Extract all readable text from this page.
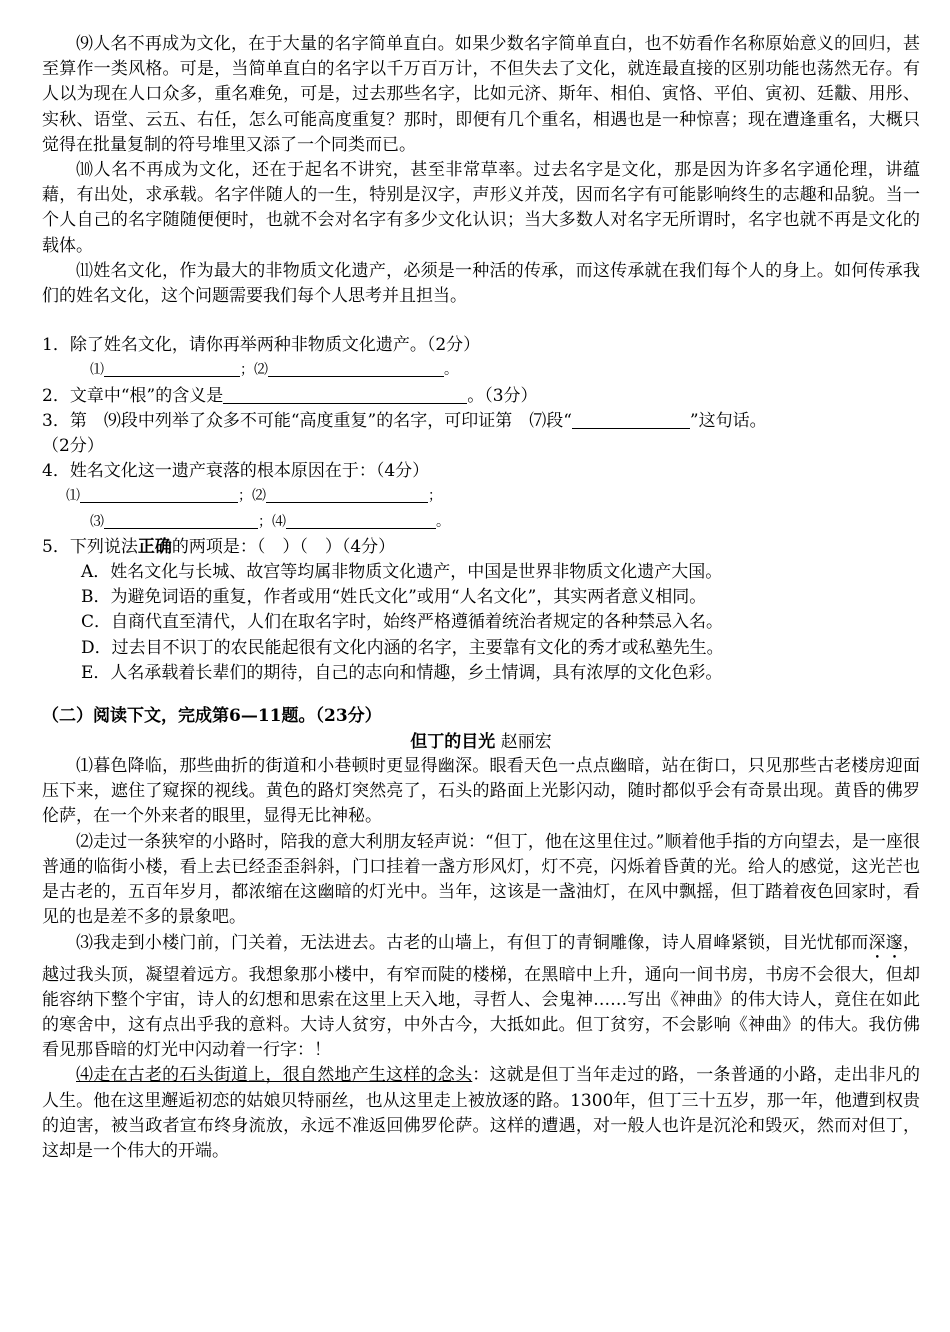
⑼人名不再成为文化，在于大量的名字简单直白。如果少数名字简单直白，也不妨看作名称原始意义的回归，甚至算作一类风格。可是，当简单直白的名字以千万百万计，不但失去了文化，就连最直接的区别功能也荡然无存。有人以为现在人口众多，重名难免，可是，过去那些名字，比如元济、斯年、相伯、寅恪、平伯、寅初、廷黻、用彤、实秋、语堂、云五、右任，怎么可能高度重复？那时，即便有几个重名，相遇也是一种惊喜；现在遭逢重名，大概只觉得在批量复制的符号堆里又添了一个同类而已。

⑽人名不再成为文化，还在于起名不讲究，甚至非常草率。过去名字是文化，那是因为许多名字通伦理，讲蕴藉，有出处，求承载。名字伴随人的一生，特别是汉字，声形义并茂，因而名字有可能影响终生的志趣和品貌。当一个人自己的名字随随便便时，也就不会对名字有多少文化认识；当大多数人对名字无所谓时，名字也就不再是文化的载体。

⑾姓名文化，作为最大的非物质文化遗产，必须是一种活的传承，而这传承就在我们每个人的身上。如何传承我们的姓名文化，这个问题需要我们每个人思考并且担当。

1．除了姓名文化，请你再举两种非物质文化遗产。（2分）

⑴	；⑵	。

2．文章中“根”的含义是	。（3分）

3．第　⑼段中列举了众多不可能“高度重复”的名字，可印证第　⑺段“	”这句话。

（2分）

4．姓名文化这一遗产衰落的根本原因在于：（4分）

⑴	；⑵	；

⑶	；⑷	。

5．下列说法正确的两项是：（　）（　）（4分）

A．姓名文化与长城、故宫等均属非物质文化遗产，中国是世界非物质文化遗产大国。

B．为避免词语的重复，作者或用“姓氏文化”或用“人名文化”，其实两者意义相同。

C．自商代直至清代，人们在取名字时，始终严格遵循着统治者规定的各种禁忌入名。

D．过去目不识丁的农民能起很有文化内涵的名字，主要靠有文化的秀才或私塾先生。

E．人名承载着长辈们的期待，自己的志向和情趣，乡土情调，具有浓厚的文化色彩。

（二）阅读下文，完成第6—11题。（23分）

但丁的目光 赵丽宏

⑴暮色降临，那些曲折的街道和小巷顿时更显得幽深。眼看天色一点点幽暗，站在街口，只见那些古老楼房迎面压下来，遮住了窥探的视线。黄色的路灯突然亮了，石头的路面上光影闪动，随时都似乎会有奇景出现。黄昏的佛罗伦萨，在一个外来者的眼里，显得无比神秘。

⑵走过一条狭窄的小路时，陪我的意大利朋友轻声说：“但丁，他在这里住过。”顺着他手指的方向望去，是一座很普通的临街小楼，看上去已经歪歪斜斜，门口挂着一盏方形风灯，灯不亮，闪烁着昏黄的光。给人的感觉，这光芒也是古老的，五百年岁月，都浓缩在这幽暗的灯光中。当年，这该是一盏油灯，在风中飘摇，但丁踏着夜色回家时，看见的也是差不多的景象吧。

⑶我走到小楼门前，门关着，无法进去。古老的山墙上，有但丁的青铜雕像，诗人眉峰紧锁，目光忧郁而深邃，越过我头顶，凝望着远方。我想象那小楼中，有窄而陡的楼梯，在黑暗中上升，通向一间书房，书房不会很大，但却能容纳下整个宇宙，诗人的幻想和思索在这里上天入地，寻哲人、会鬼神……写出《神曲》的伟大诗人，竟住在如此的寒舍中，这有点出乎我的意料。大诗人贫穷，中外古今，大抵如此。但丁贫穷，不会影响《神曲》的伟大。我仿佛看见那昏暗的灯光中闪动着一行字：！

⑷走在古老的石头街道上，很自然地产生这样的念头：这就是但丁当年走过的路，一条普通的小路，走出非凡的人生。他在这里邂逅初恋的姑娘贝特丽丝，也从这里走上被放逐的路。1300年，但丁三十五岁，那一年，他遭到权贵的迫害，被当政者宣布终身流放，永远不准返回佛罗伦萨。这样的遭遇，对一般人也许是沉沦和毁灭，然而对但丁，这却是一个伟大的开端。
